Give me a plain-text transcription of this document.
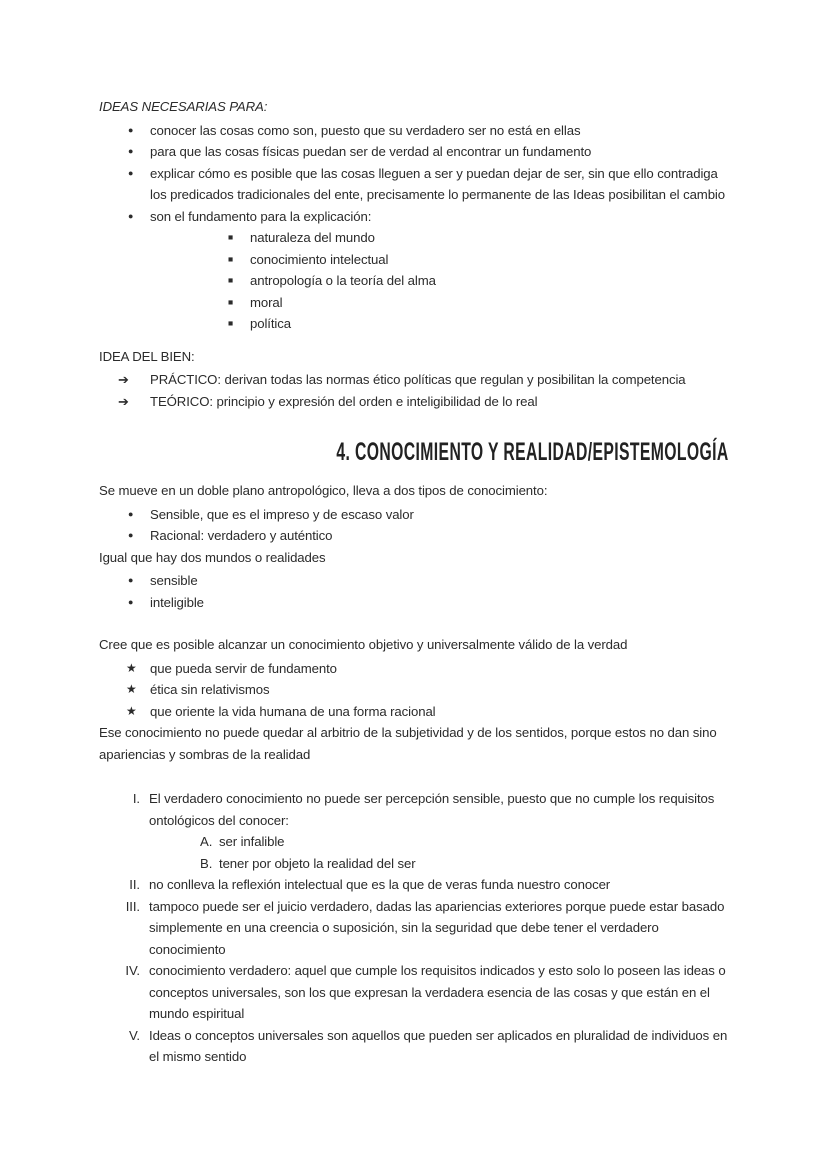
IDEAS NECESARIAS PARA:

●	conocer las cosas como son, puesto que su verdadero ser no está en ellas
●	para que las cosas físicas puedan ser de verdad al encontrar un fundamento
●	explicar cómo es posible que las cosas lleguen a ser y puedan dejar de ser, sin que ello contradiga los predicados tradicionales del ente, precisamente lo permanente de las Ideas posibilitan el cambio
●	son el fundamento para la explicación:
■	naturaleza del mundo
■	conocimiento intelectual
■	antropología o la teoría del alma
■	moral
■	política

IDEA DEL BIEN:

➔	PRÁCTICO: derivan todas las normas ético políticas que regulan y posibilitan la competencia
➔	TEÓRICO: principio y expresión del orden e inteligibilidad de lo real
4. CONOCIMIENTO Y REALIDAD/EPISTEMOLOGÍA

Se mueve en un doble plano antropológico, lleva a dos tipos de conocimiento:

●	Sensible, que es el impreso y de escaso valor
●	Racional: verdadero y auténtico

Igual que hay dos mundos o realidades

●	sensible
●	inteligible

Cree que es posible alcanzar un conocimiento objetivo y universalmente válido de la verdad

★	que pueda servir de fundamento
★	ética sin relativismos
★	que oriente la vida humana de una forma racional

Ese conocimiento no puede quedar al arbitrio de la subjetividad y de los sentidos, porque estos no dan sino apariencias y sombras de la realidad

I. El verdadero conocimiento no puede ser percepción sensible, puesto que no cumple los requisitos ontológicos del conocer:
A. ser infalible
B. tener por objeto la realidad del ser
II. no conlleva la reflexión intelectual que es la que de veras funda nuestro conocer
III. tampoco puede ser el juicio verdadero, dadas las apariencias exteriores porque puede estar basado simplemente en una creencia o suposición, sin la seguridad que debe tener el verdadero conocimiento
IV. conocimiento verdadero: aquel que cumple los requisitos indicados y esto solo lo poseen las ideas o conceptos universales, son los que expresan la verdadera esencia de las cosas y que están en el mundo espiritual
V. Ideas o conceptos universales son aquellos que pueden ser aplicados en pluralidad de individuos en el mismo sentido
